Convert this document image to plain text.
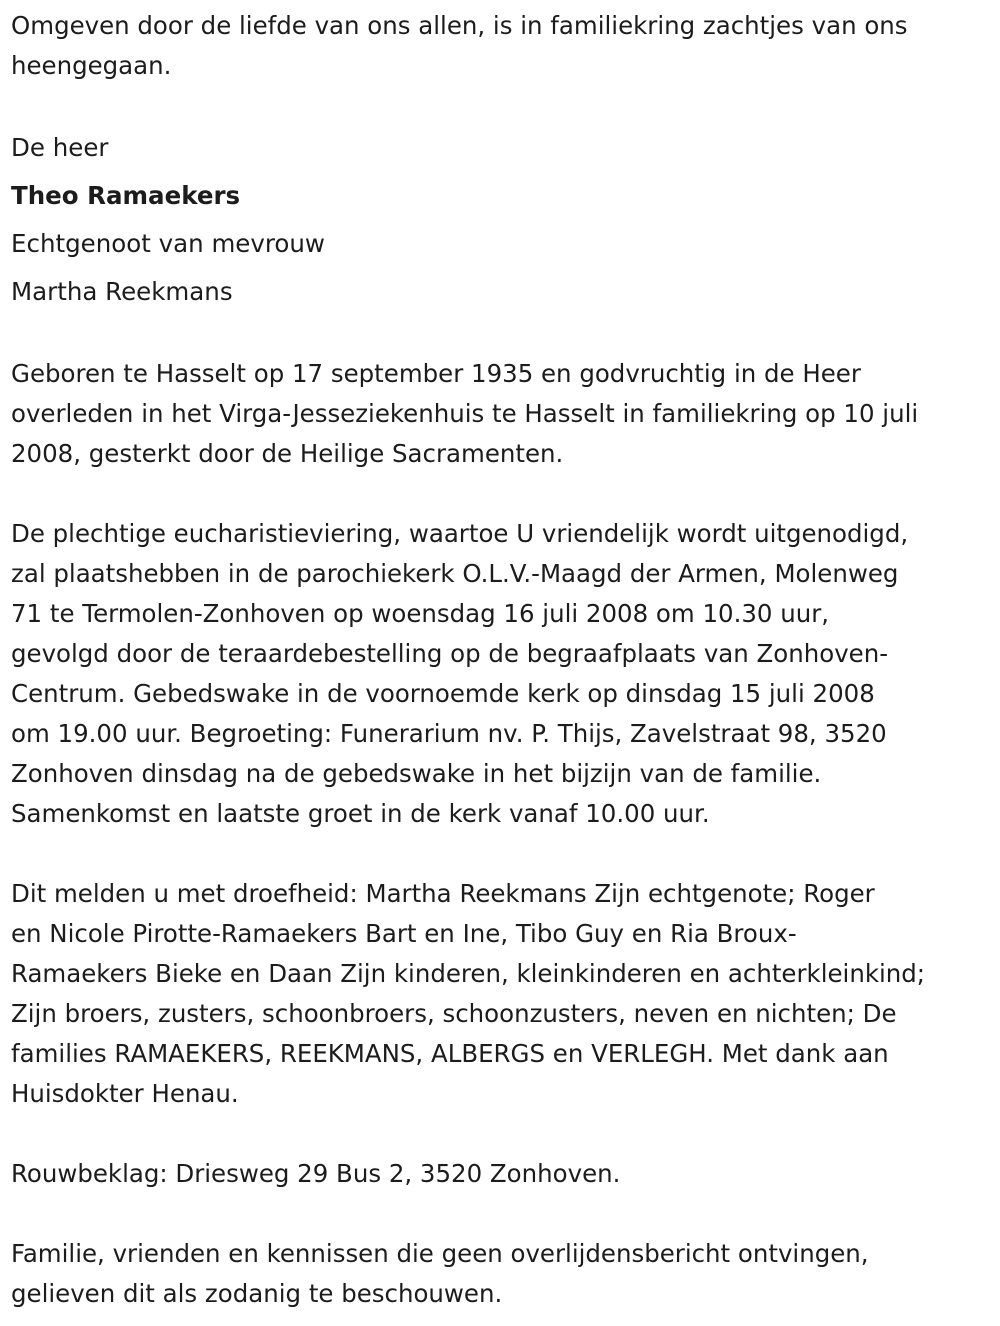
Omgeven door de liefde van ons allen, is in familiekring zachtjes van ons
heengegaan.

De heer
Theo Ramaekers
Echtgenoot van mevrouw
Martha Reekmans

Geboren te Hasselt op 17 september 1935 en godvruchtig in de Heer
overleden in het Virga-Jesseziekenhuis te Hasselt in familiekring op 10 juli
2008, gesterkt door de Heilige Sacramenten.

De plechtige eucharistieviering, waartoe U vriendelijk wordt uitgenodigd,
zal plaatshebben in de parochiekerk O.L.V.-Maagd der Armen, Molenweg
71 te Termolen-Zonhoven op woensdag 16 juli 2008 om 10.30 uur,
gevolgd door de teraardebestelling op de begraafplaats van Zonhoven-
Centrum. Gebedswake in de voornoemde kerk op dinsdag 15 juli 2008
om 19.00 uur. Begroeting: Funerarium nv. P. Thijs, Zavelstraat 98, 3520
Zonhoven dinsdag na de gebedswake in het bijzijn van de familie.
Samenkomst en laatste groet in de kerk vanaf 10.00 uur.

Dit melden u met droefheid: Martha Reekmans Zijn echtgenote; Roger
en Nicole Pirotte-Ramaekers Bart en Ine, Tibo Guy en Ria Broux-
Ramaekers Bieke en Daan Zijn kinderen, kleinkinderen en achterkleinkind;
Zijn broers, zusters, schoonbroers, schoonzusters, neven en nichten; De
families RAMAEKERS, REEKMANS, ALBERGS en VERLEGH. Met dank aan
Huisdokter Henau.

Rouwbeklag: Driesweg 29 Bus 2, 3520 Zonhoven.

Familie, vrienden en kennissen die geen overlijdensbericht ontvingen,
gelieven dit als zodanig te beschouwen.
